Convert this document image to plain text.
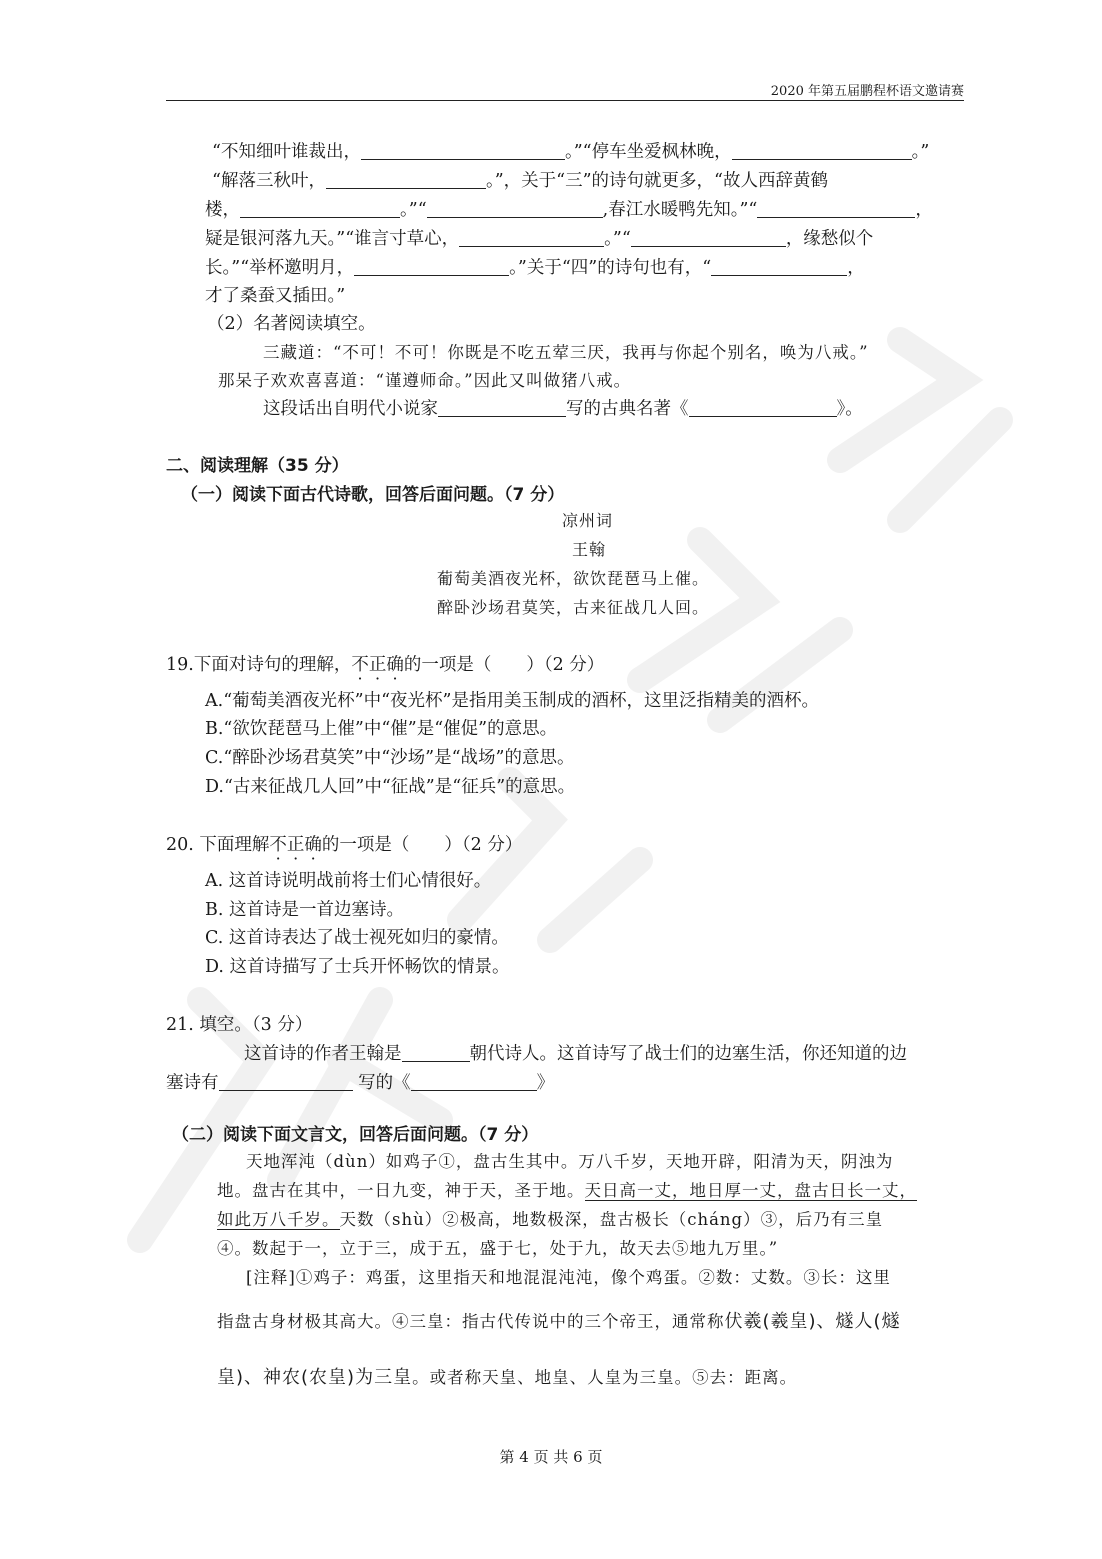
2020 年第五届鹏程杯语文邀请赛
“不知细叶谁裁出，	。”“停车坐爱枫林晚，	。”
“解落三秋叶，	。”，关于“三”的诗句就更多，“故人西辞黄鹤
楼，	。”“	,春江水暖鸭先知。”“	，
疑是银河落九天。”“谁言寸草心，	。”“	，缘愁似个
长。”“举杯邀明月，	。”关于“四”的诗句也有，“	，
才了桑蚕又插田。”
（2）名著阅读填空。
三藏道：“不可！不可！你既是不吃五荤三厌，我再与你起个别名，唤为八戒。”
那呆子欢欢喜喜道：“谨遵师命。”因此又叫做猪八戒。
这段话出自明代小说家	写的古典名著《	》。
二、阅读理解（35 分）
（一）阅读下面古代诗歌，回答后面问题。（7 分）
凉州词
王翰
葡萄美酒夜光杯，欲饮琵琶马上催。
醉卧沙场君莫笑，古来征战几人回。
19.下面对诗句的理解，不正确的一项是（　　）（2 分）
A.“葡萄美酒夜光杯”中“夜光杯”是指用美玉制成的酒杯，这里泛指精美的酒杯。
B.“欲饮琵琶马上催”中“催”是“催促”的意思。
C.“醉卧沙场君莫笑”中“沙场”是“战场”的意思。
D.“古来征战几人回”中“征战”是“征兵”的意思。
20. 下面理解不正确的一项是（　　）（2 分）
A. 这首诗说明战前将士们心情很好。
B. 这首诗是一首边塞诗。
C. 这首诗表达了战士视死如归的豪情。
D. 这首诗描写了士兵开怀畅饮的情景。
21. 填空。（3 分）
这首诗的作者王翰是	朝代诗人。这首诗写了战士们的边塞生活，你还知道的边
塞诗有	写的《	》
（二）阅读下面文言文，回答后面问题。（7 分）
天地浑沌（dùn）如鸡子①，盘古生其中。万八千岁，天地开辟，阳清为天，阴浊为
地。盘古在其中，一日九变，神于天，圣于地。天日高一丈，地日厚一丈，盘古日长一丈，
如此万八千岁。天数（shù）②极高，地数极深，盘古极长（cháng）③，后乃有三皇
④。数起于一，立于三，成于五，盛于七，处于九，故天去⑤地九万里。”
[注释]①鸡子：鸡蛋，这里指天和地混混沌沌，像个鸡蛋。②数：丈数。③长：这里
指盘古身材极其高大。④三皇：指古代传说中的三个帝王，通常称伏羲(羲皇)、燧人(燧
皇)、神农(农皇)为三皇。或者称天皇、地皇、人皇为三皇。⑤去：距离。
第 4 页 共 6 页
